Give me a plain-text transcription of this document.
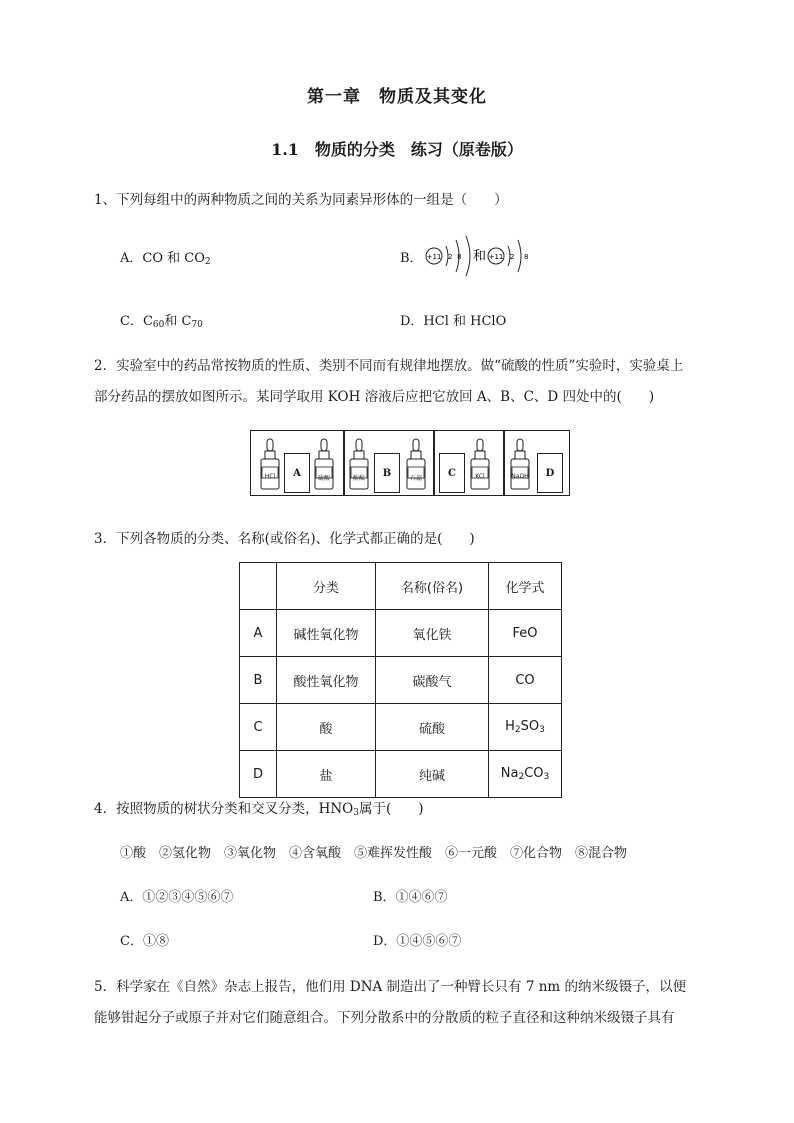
第一章　物质及其变化
1.1　物质的分类　练习（原卷版）
1、下列每组中的两种物质之间的关系为同素异形体的一组是（　　）
A．CO 和 $CO_2$	B． +11 2 8 和 +11 2 8
C．$C_{60}$和 $C_{70}$	D．HCl 和 HClO
2．实验室中的药品常按物质的性质、类别不同而有规律地摆放。做“硫酸的性质”实验时，实验桌上
部分药品的摆放如图所示。某同学取用 KOH 溶液后应把它放回 A、B、C、D 四处中的(　　)
HCl	A	硫酸	酚酞	B	石蕊	C	KCl	NaOH	D
3．下列各物质的分类、名称(或俗名)、化学式都正确的是(　　)
	分类	名称(俗名)	化学式
A	碱性氧化物	氧化铁	FeO
B	酸性氧化物	碳酸气	CO
C	酸	硫酸	$H_2SO_3$
D	盐	纯碱	$Na_2CO_3$
4．按照物质的树状分类和交叉分类，$HNO_3$属于(　　)
①酸　②氢化物　③氧化物　④含氧酸　⑤难挥发性酸　⑥一元酸　⑦化合物　⑧混合物
A．①②③④⑤⑥⑦	B．①④⑥⑦
C．①⑧	D．①④⑤⑥⑦
5．科学家在《自然》杂志上报告，他们用 DNA 制造出了一种臂长只有 7 nm 的纳米级镊子，以便
能够钳起分子或原子并对它们随意组合。下列分散系中的分散质的粒子直径和这种纳米级镊子具有
